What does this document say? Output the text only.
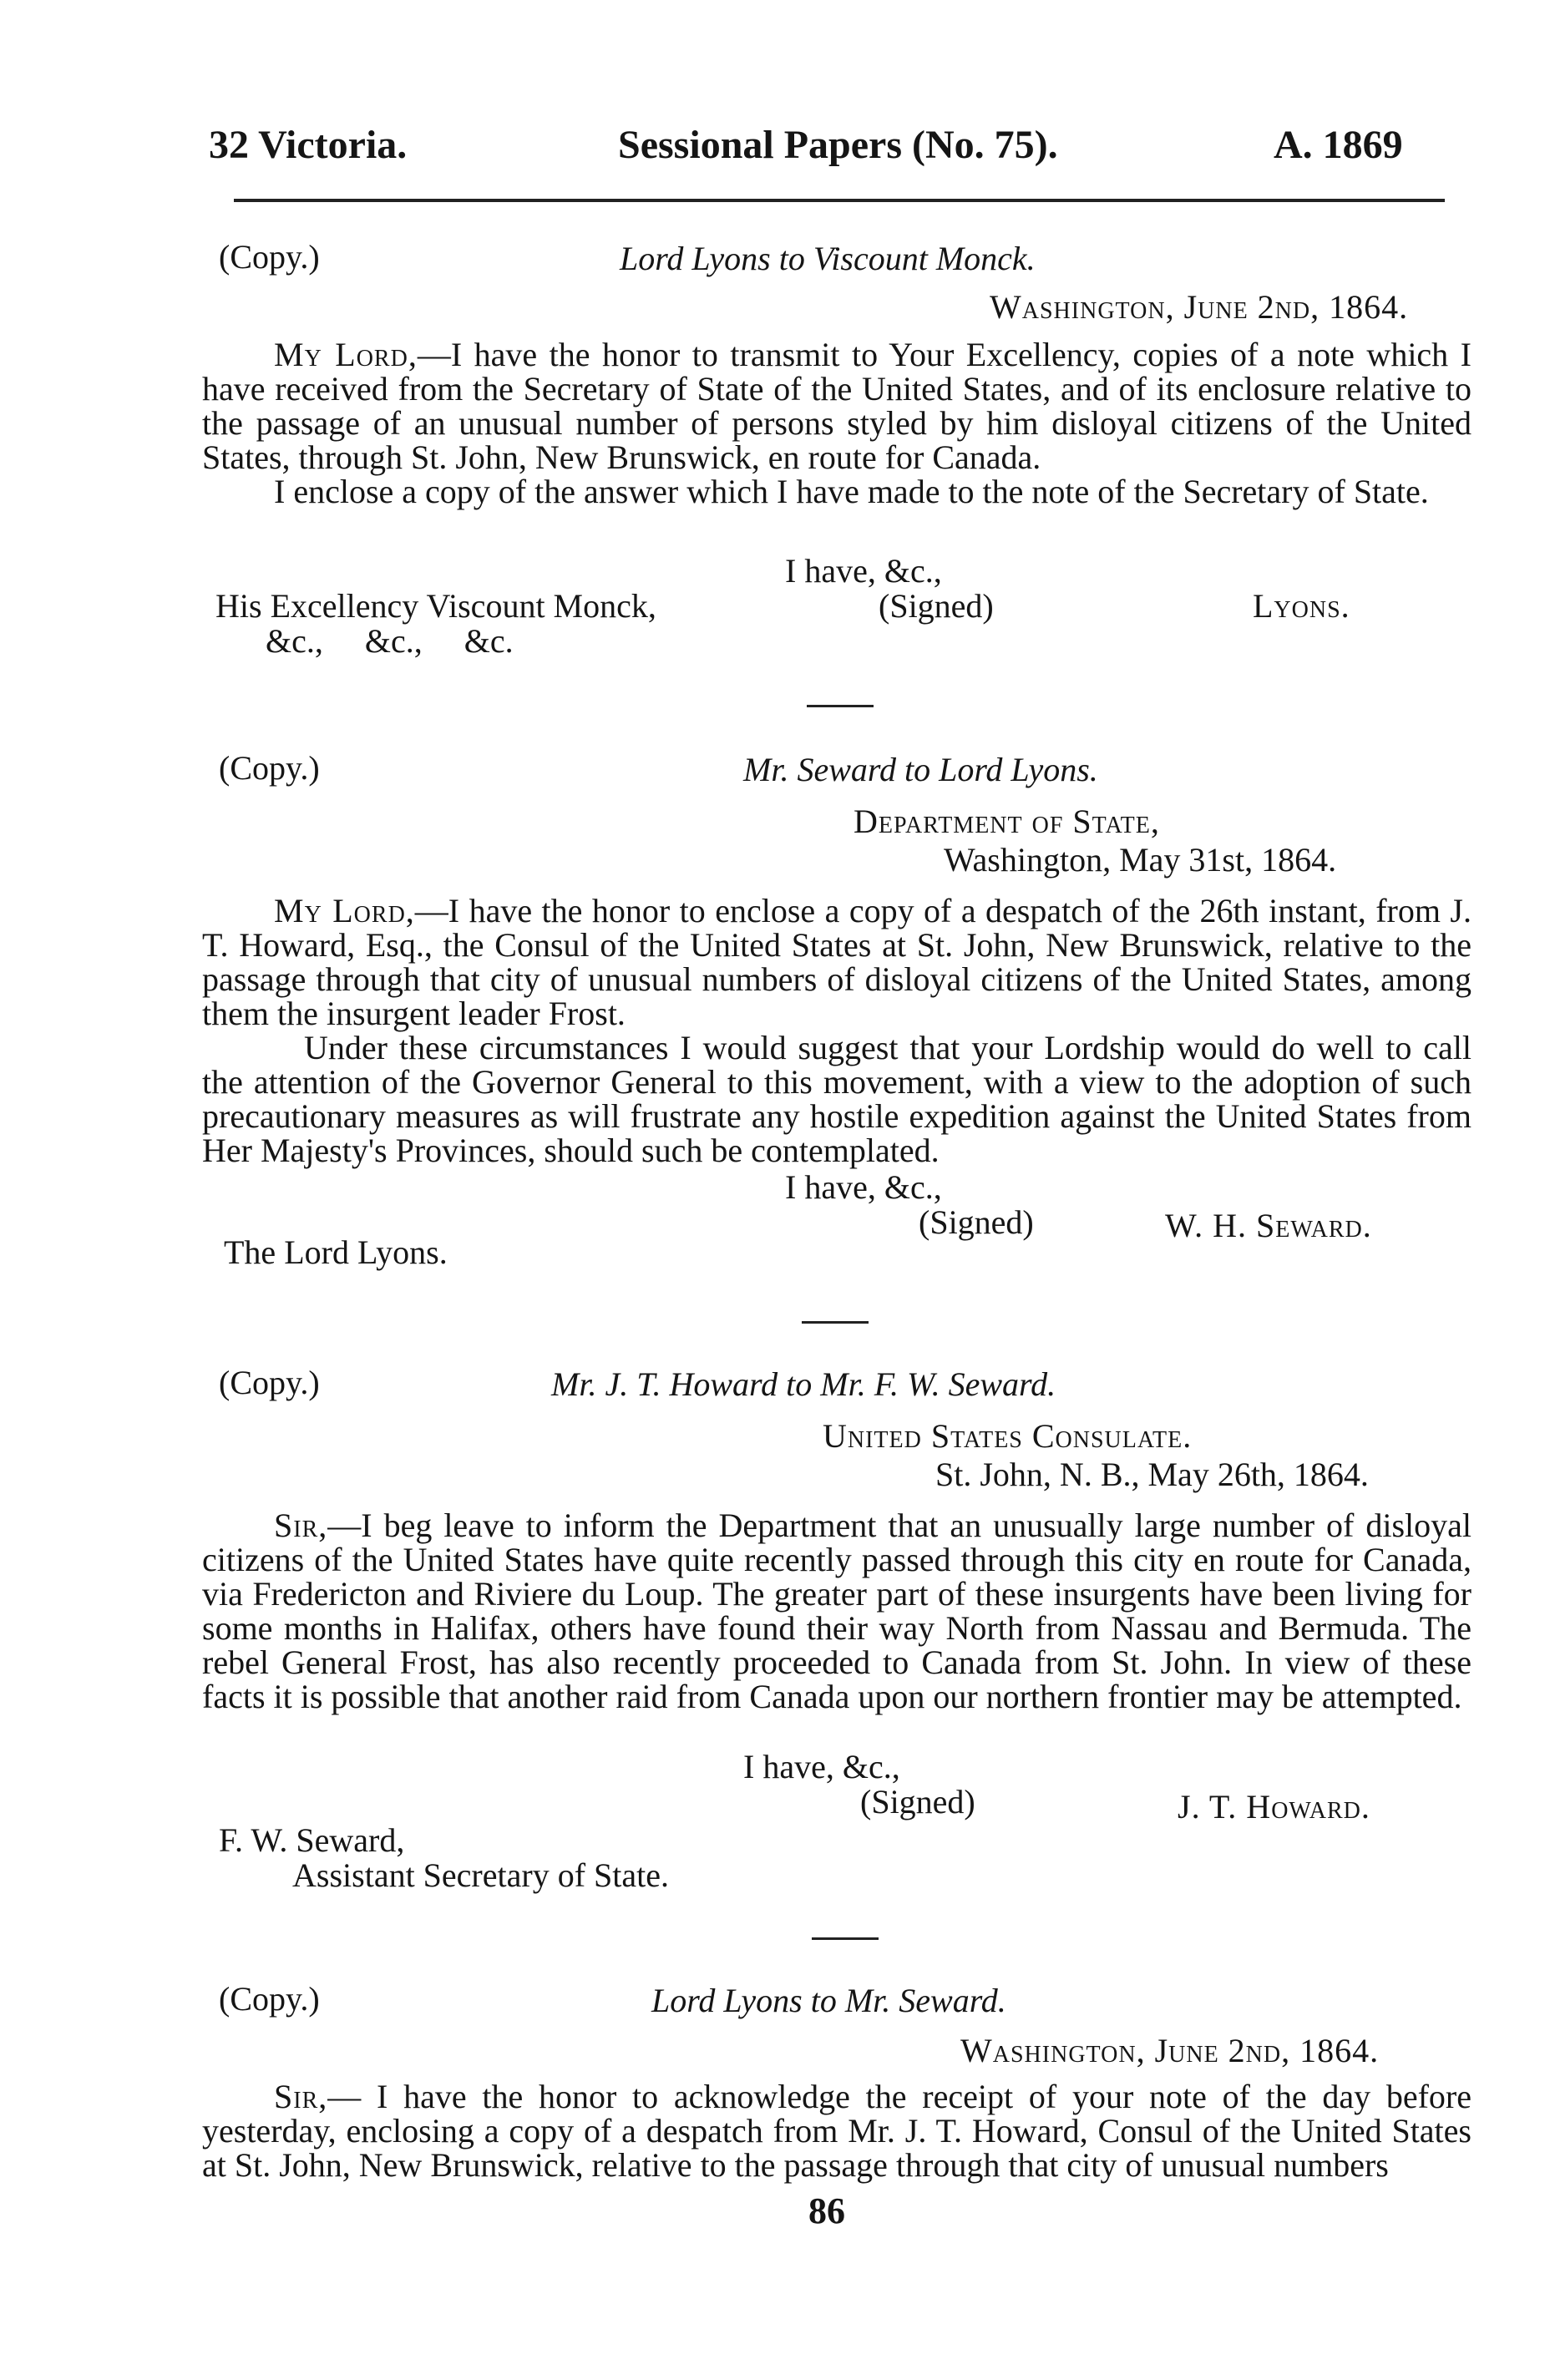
32 Victoria.	Sessional Papers (No. 75).	A. 1869
(Copy.)	Lord Lyons to Viscount Monck.
Washington, June 2nd, 1864.
My Lord,—I have the honor to transmit to Your Excellency, copies of a note which I have received from the Secretary of State of the United States, and of its enclosure relative to the passage of an unusual number of persons styled by him disloyal citizens of the United States, through St. John, New Brunswick, en route for Canada.
I enclose a copy of the answer which I have made to the note of the Secretary of State.
I have, &c.,
His Excellency Viscount Monck,	(Signed)	Lyons.
&c.,     &c.,     &c.
(Copy.)	Mr. Seward to Lord Lyons.
Department of State,
Washington, May 31st, 1864.
My Lord,—I have the honor to enclose a copy of a despatch of the 26th instant, from J. T. Howard, Esq., the Consul of the United States at St. John, New Brunswick, relative to the passage through that city of unusual numbers of disloyal citizens of the United States, among them the insurgent leader Frost.
Under these circumstances I would suggest that your Lordship would do well to call the attention of the Governor General to this movement, with a view to the adoption of such precautionary measures as will frustrate any hostile expedition against the United States from Her Majesty's Provinces, should such be contemplated.
I have, &c.,
(Signed)	W. H. Seward.
The Lord Lyons.
(Copy.)	Mr. J. T. Howard to Mr. F. W. Seward.
United States Consulate.
St. John, N. B., May 26th, 1864.
Sir,—I beg leave to inform the Department that an unusually large number of disloyal citizens of the United States have quite recently passed through this city en route for Canada, via Fredericton and Riviere du Loup. The greater part of these insurgents have been living for some months in Halifax, others have found their way North from Nassau and Bermuda. The rebel General Frost, has also recently proceeded to Canada from St. John. In view of these facts it is possible that another raid from Canada upon our northern frontier may be attempted.
I have, &c.,
(Signed)	J. T. Howard.
F. W. Seward,
Assistant Secretary of State.
(Copy.)	Lord Lyons to Mr. Seward.
Washington, June 2nd, 1864.
Sir,— I have the honor to acknowledge the receipt of your note of the day before yesterday, enclosing a copy of a despatch from Mr. J. T. Howard, Consul of the United States at St. John, New Brunswick, relative to the passage through that city of unusual numbers
86
